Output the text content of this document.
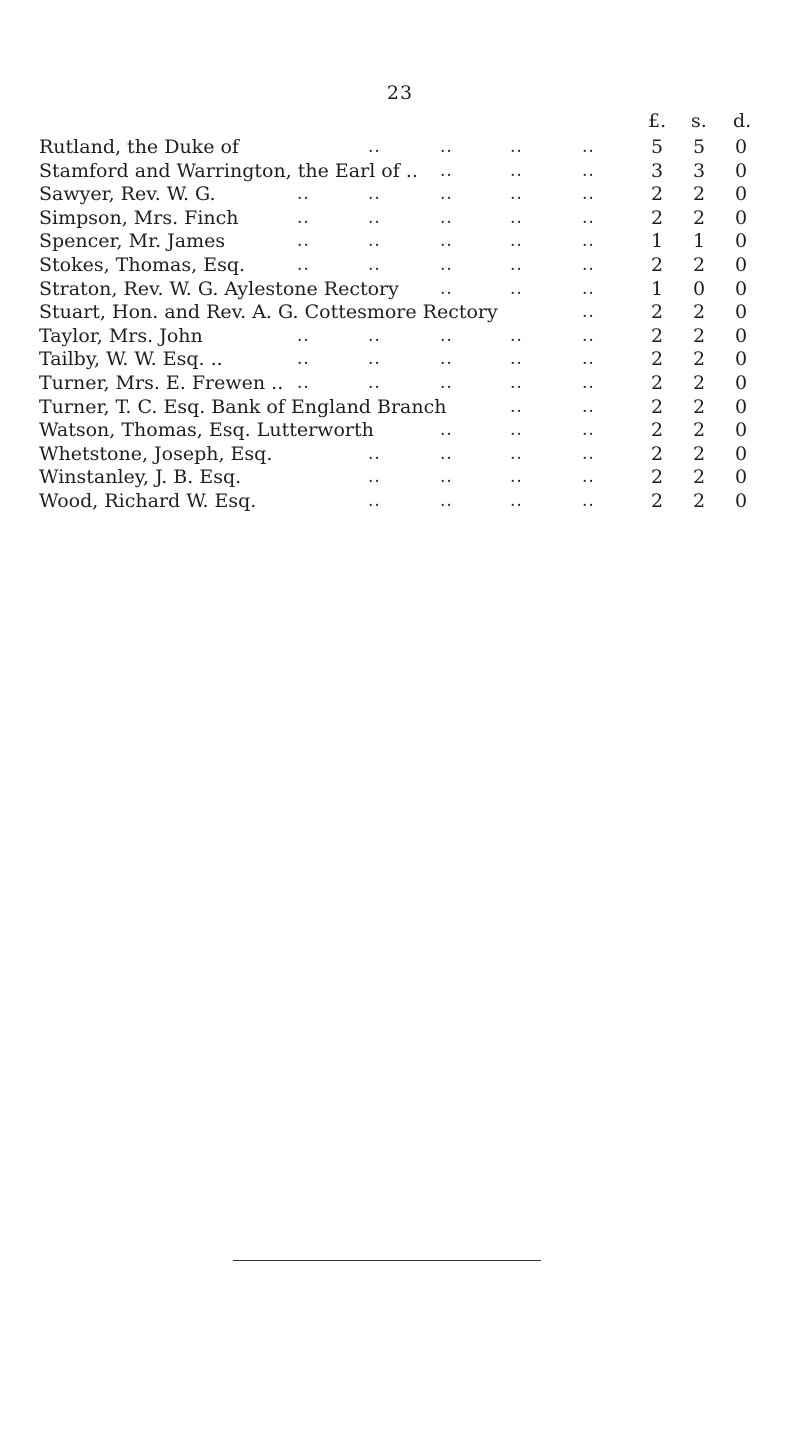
23
£. s. d.
Rutland, the Duke of	..	..	..	..	5 5 0
Stamford and Warrington, the Earl of .. ..	..	..	3 3 0
Sawyer, Rev. W. G.	..	..	..	..	..	2 2 0
Simpson, Mrs. Finch	..	..	..	..	..	2 2 0
Spencer, Mr. James	..	..	..	..	..	1 1 0
Stokes, Thomas, Esq.	..	..	..	..	..	2 2 0
Straton, Rev. W. G. Aylestone Rectory ..	..	..	1 0 0
Stuart, Hon. and Rev. A. G. Cottesmore Rectory	..	2 2 0
Taylor, Mrs. John	..	..	..	..	..	2 2 0
Tailby, W. W. Esq. ..	..	..	..	..	..	2 2 0
Turner, Mrs. E. Frewen .. ..	..	..	..	..	2 2 0
Turner, T. C. Esq. Bank of England Branch	..	..	2 2 0
Watson, Thomas, Esq. Lutterworth	..	..	..	2 2 0
Whetstone, Joseph, Esq.	..	..	..	..	2 2 0
Winstanley, J. B. Esq.	..	..	..	..	2 2 0
Wood, Richard W. Esq.	..	..	..	..	2 2 0
